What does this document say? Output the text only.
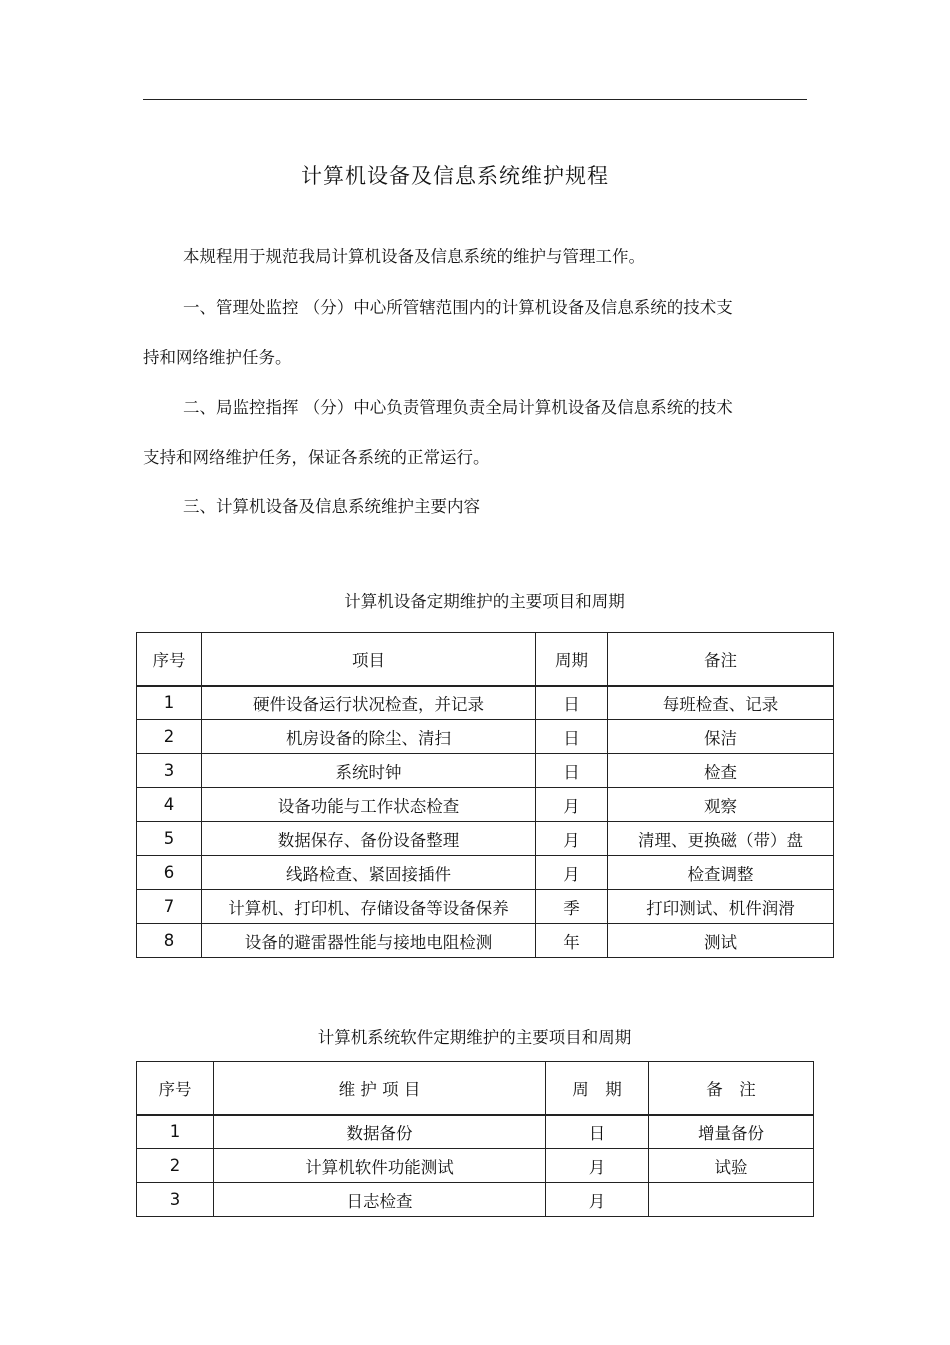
计算机设备及信息系统维护规程
本规程用于规范我局计算机设备及信息系统的维护与管理工作。
一、管理处监控 （分）中心所管辖范围内的计算机设备及信息系统的技术支
持和网络维护任务。
二、局监控指挥 （分）中心负责管理负责全局计算机设备及信息系统的技术
支持和网络维护任务，保证各系统的正常运行。
三、计算机设备及信息系统维护主要内容
计算机设备定期维护的主要项目和周期
序号	项目	周期	备注
1	硬件设备运行状况检查，并记录	日	每班检查、记录
2	机房设备的除尘、清扫	日	保洁
3	系统时钟	日	检查
4	设备功能与工作状态检查	月	观察
5	数据保存、备份设备整理	月	清理、更换磁（带）盘
6	线路检查、紧固接插件	月	检查调整
7	计算机、打印机、存储设备等设备保养	季	打印测试、机件润滑
8	设备的避雷器性能与接地电阻检测	年	测试
计算机系统软件定期维护的主要项目和周期
序号	维 护 项 目	周　期	备　注
1	数据备份	日	增量备份
2	计算机软件功能测试	月	试验
3	日志检查	月	
